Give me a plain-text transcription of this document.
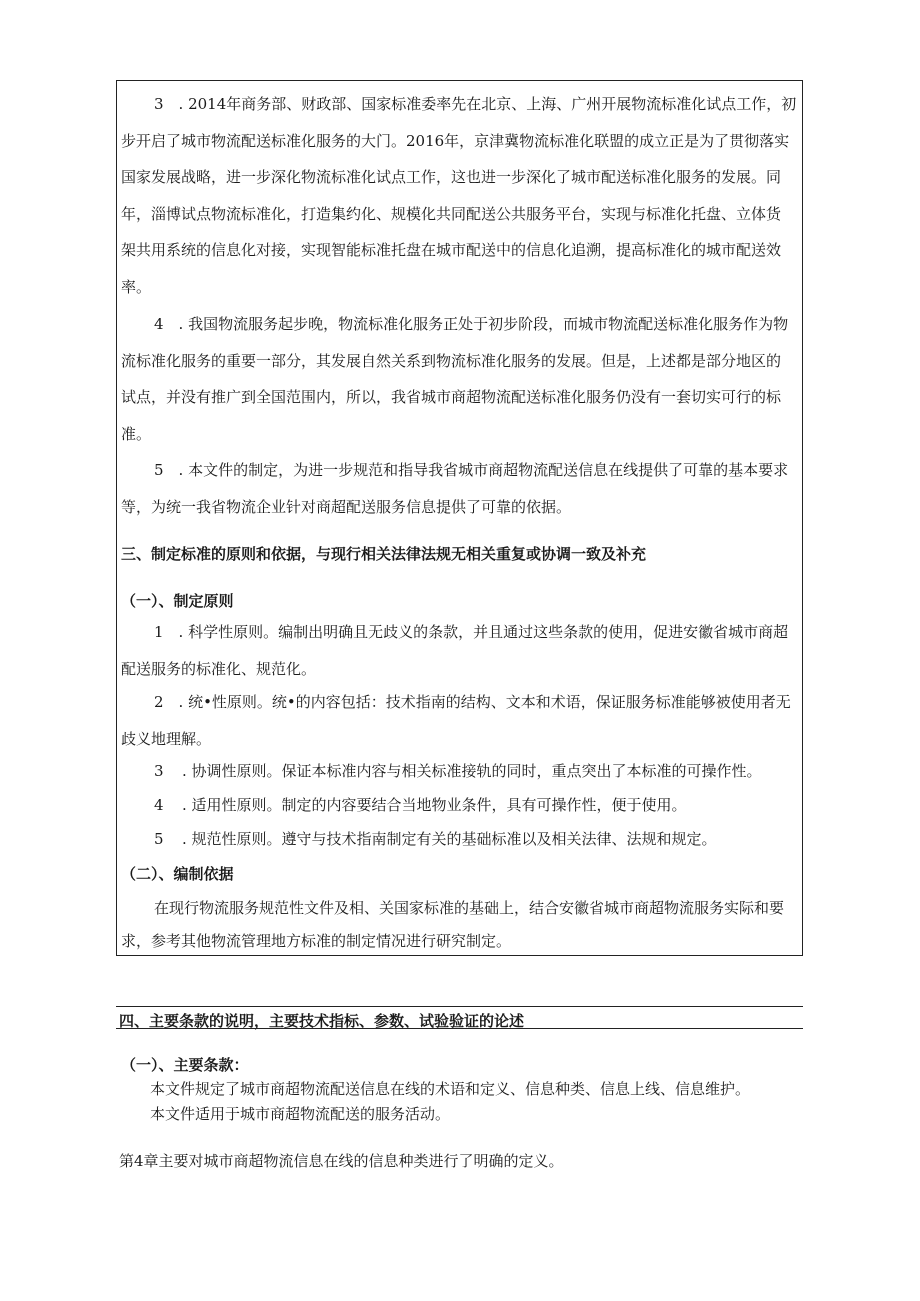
3　. 2014年商务部、财政部、国家标准委率先在北京、上海、广州开展物流标准化试点工作，初
步开启了城市物流配送标准化服务的大门。2016年，京津冀物流标准化联盟的成立正是为了贯彻落实
国家发展战略，进一步深化物流标准化试点工作，这也进一步深化了城市配送标准化服务的发展。同
年，淄博试点物流标准化，打造集约化、规模化共同配送公共服务平台，实现与标准化托盘、立体货
架共用系统的信息化对接，实现智能标准托盘在城市配送中的信息化追溯，提高标准化的城市配送效
率。
4　. 我国物流服务起步晚，物流标准化服务正处于初步阶段，而城市物流配送标准化服务作为物
流标准化服务的重要一部分，其发展自然关系到物流标准化服务的发展。但是，上述都是部分地区的
试点，并没有推广到全国范围内，所以，我省城市商超物流配送标准化服务仍没有一套切实可行的标
准。
5　. 本文件的制定，为进一步规范和指导我省城市商超物流配送信息在线提供了可靠的基本要求
等，为统一我省物流企业针对商超配送服务信息提供了可靠的依据。
三、制定标准的原则和依据，与现行相关法律法规无相关重复或协调一致及补充
（一）、制定原则
1　. 科学性原则。编制出明确且无歧义的条款，并且通过这些条款的使用，促进安徽省城市商超
配送服务的标准化、规范化。
2　. 统•性原则。统•的内容包括：技术指南的结构、文本和术语，保证服务标准能够被使用者无
歧义地理解。
3 . 协调性原则。保证本标准内容与相关标准接轨的同时，重点突出了本标准的可操作性。
4 . 适用性原则。制定的内容要结合当地物业条件，具有可操作性，便于使用。
5 . 规范性原则。遵守与技术指南制定有关的基础标准以及相关法律、法规和规定。
（二）、编制依据
在现行物流服务规范性文件及相、关国家标准的基础上，结合安徽省城市商超物流服务实际和要
求，参考其他物流管理地方标准的制定情况进行研究制定。
四、主要条款的说明，主要技术指标、参数、试验验证的论述
（一）、主要条款：
本文件规定了城市商超物流配送信息在线的术语和定义、信息种类、信息上线、信息维护。
本文件适用于城市商超物流配送的服务活动。
第4章主要对城市商超物流信息在线的信息种类进行了明确的定义。
